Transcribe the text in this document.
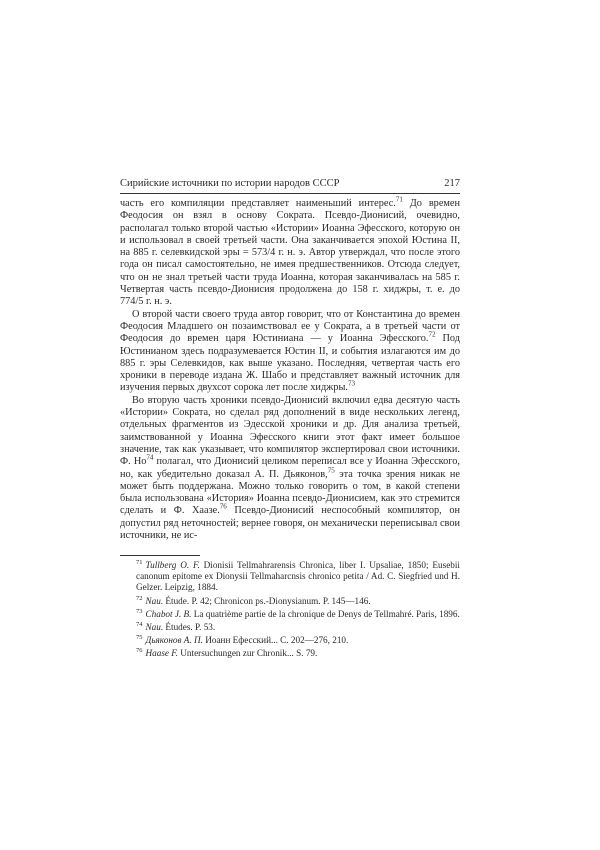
Сирийские источники по истории народов СССР	217

часть его компиляции представляет наименьший интерес.$^{71}$ До времен Феодосия он взял в основу Сократа. Псевдо-Дионисий, очевидно, располагал только второй частью «Истории» Иоанна Эфесского, которую он и использовал в своей третьей части. Она заканчивается эпохой Юстина II, на 885 г. селевкидской эры = 573/4 г. н. э. Автор утверждал, что после этого года он писал самостоятельно, не имея предшественников. Отсюда следует, что он не знал третьей части труда Иоанна, которая заканчивалась на 585 г. Четвертая часть псевдо-Дионисия продолжена до 158 г. хиджры, т. е. до 774/5 г. н. э.

О второй части своего труда автор говорит, что от Константина до времен Феодосия Младшего он позаимствовал ее у Сократа, а в третьей части от Феодосия до времен царя Юстиниана — у Иоанна Эфесского.$^{72}$ Под Юстинианом здесь подразумевается Юстин II, и события излагаются им до 885 г. эры Селевкидов, как выше указано. Последняя, четвертая часть его хроники в переводе издана Ж. Шабо и представляет важный источник для изучения первых двухсот сорока лет после хиджры.$^{73}$

Во вторую часть хроники псевдо-Дионисий включил едва десятую часть «Истории» Сократа, но сделал ряд дополнений в виде нескольких легенд, отдельных фрагментов из Эдесской хроники и др. Для анализа третьей, заимствованной у Иоанна Эфесского книги этот факт имеет большое значение, так как указывает, что компилятор экспертировал свои источники. Ф. $Но^{74}$ полагал, что Дионисий целиком переписал все у Иоанна Эфесского, но, как убедительно доказал А. П. Дьяконов,$^{75}$ эта точка зрения никак не может быть поддержана. Можно только говорить о том, в какой степени была использована «История» Иоанна псевдо-Дионисием, как это стремится сделать и Ф. Хаазе.$^{76}$ Псевдо-Дионисий неспособный компилятор, он допустил ряд неточностей; вернее говоря, он механически переписывал свои источники, не ис-

$^{71}$ Tullberg O. F. Dionisii Tellmahrarensis Chronica, liber I. Upsaliae, 1850; Eusebii canonum epitome ex Dionysii Tellmaharcnsis chronico petita / Ad. C. Siegfried und H. Gelzer. Leipzig, 1884.

$^{72}$ Nau. Étude. P. 42; Chronicon ps.-Dionysianum. P. 145—146.

$^{73}$ Chabot J. B. La quatrième partie de la chronique de Denys de Tellmahré. Paris, 1896.

$^{74}$ Nau. Études. P. 53.

$^{75}$ Дьяконов А. П. Иоанн Ефесский... С. 202—276, 210.

$^{76}$ Haase F. Untersuchungen zur Chronik... S. 79.
